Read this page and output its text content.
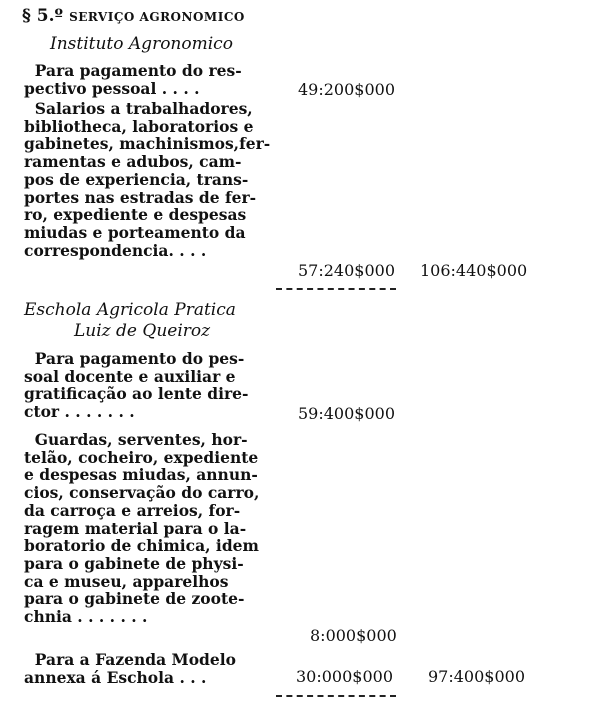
§ 5.º SERVIÇO AGRONOMICO
Instituto Agronomico
Para pagamento do res-
pectivo pessoal . . . .	49:200$000
Salarios a trabalhadores,
bibliotheca, laboratorios e
gabinetes, machinismos,fer-
ramentas e adubos, cam-
pos de experiencia, trans-
portes nas estradas de fer-
ro, expediente e despesas
miudas e porteamento da
correspondencia. . . .
57:240$000 106:440$000
Eschola Agricola Pratica
Luiz de Queiroz
Para pagamento do pes-
soal docente e auxiliar e
gratificação ao lente dire-
ctor . . . . . . .	59:400$000
Guardas, serventes, hor-
telão, cocheiro, expediente
e despesas miudas, annun-
cios, conservação do carro,
da carroça e arreios, for-
ragem material para o la-
boratorio de chimica, idem
para o gabinete de physi-
ca e museu, apparelhos
para o gabinete de zoote-
chnia . . . . . . .
8:000$000
Para a Fazenda Modelo
annexa á Eschola . . .	30:000$000 97:400$000
